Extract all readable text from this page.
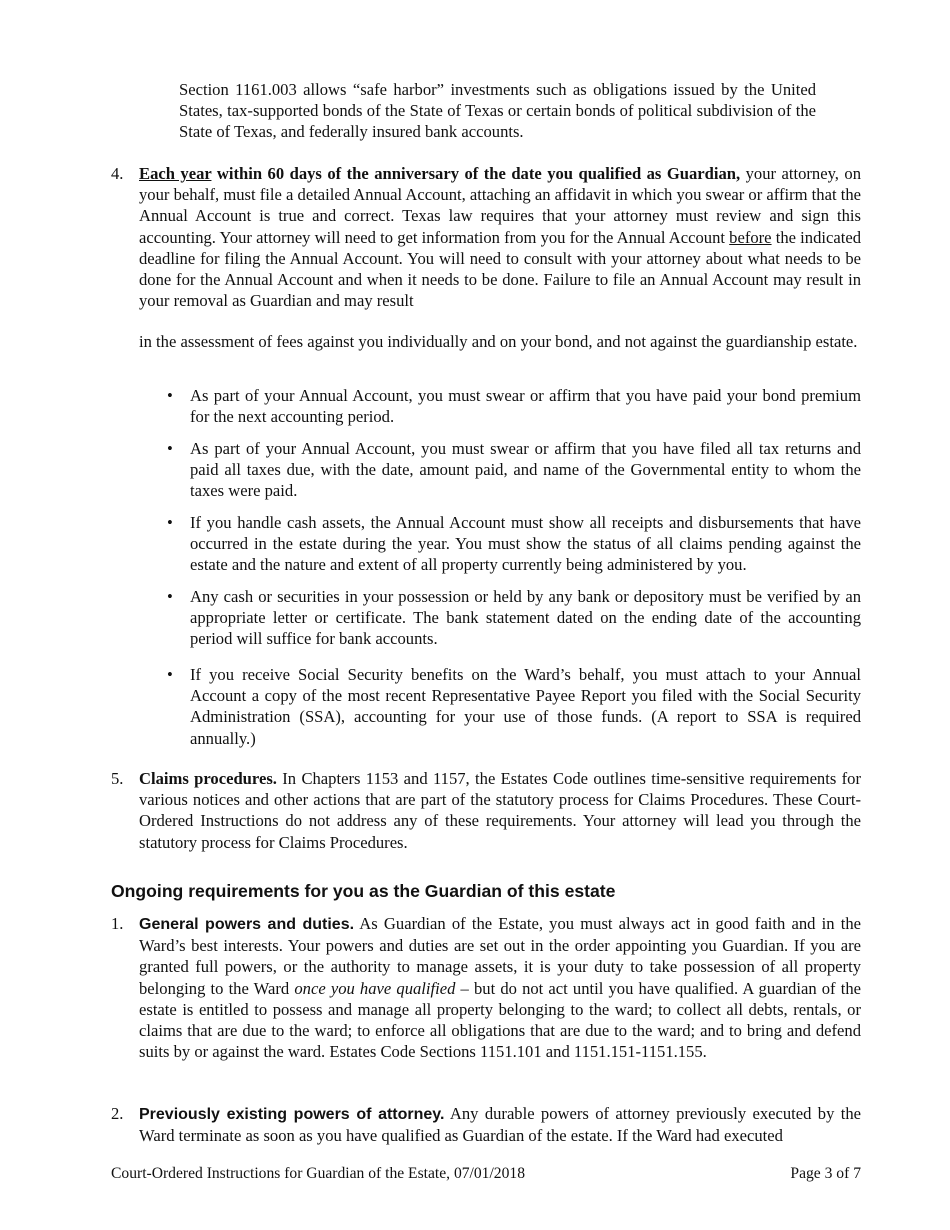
Section 1161.003 allows “safe harbor” investments such as obligations issued by the United States, tax-supported bonds of the State of Texas or certain bonds of political subdivision of the State of Texas, and federally insured bank accounts.

4. Each year within 60 days of the anniversary of the date you qualified as Guardian, your attorney, on your behalf, must file a detailed Annual Account, attaching an affidavit in which you swear or affirm that the Annual Account is true and correct. Texas law requires that your attorney must review and sign this accounting. Your attorney will need to get information from you for the Annual Account before the indicated deadline for filing the Annual Account. You will need to consult with your attorney about what needs to be done for the Annual Account and when it needs to be done. Failure to file an Annual Account may result in your removal as Guardian and may result

in the assessment of fees against you individually and on your bond, and not against the guardianship estate.

• As part of your Annual Account, you must swear or affirm that you have paid your bond premium for the next accounting period.

• As part of your Annual Account, you must swear or affirm that you have filed all tax returns and paid all taxes due, with the date, amount paid, and name of the Governmental entity to whom the taxes were paid.

• If you handle cash assets, the Annual Account must show all receipts and disbursements that have occurred in the estate during the year. You must show the status of all claims pending against the estate and the nature and extent of all property currently being administered by you.

• Any cash or securities in your possession or held by any bank or depository must be verified by an appropriate letter or certificate. The bank statement dated on the ending date of the accounting period will suffice for bank accounts.

• If you receive Social Security benefits on the Ward’s behalf, you must attach to your Annual Account a copy of the most recent Representative Payee Report you filed with the Social Security Administration (SSA), accounting for your use of those funds. (A report to SSA is required annually.)

5. Claims procedures. In Chapters 1153 and 1157, the Estates Code outlines time-sensitive requirements for various notices and other actions that are part of the statutory process for Claims Procedures. These Court-Ordered Instructions do not address any of these requirements. Your attorney will lead you through the statutory process for Claims Procedures.

Ongoing requirements for you as the Guardian of this estate
1. General powers and duties. As Guardian of the Estate, you must always act in good faith and in the Ward’s best interests. Your powers and duties are set out in the order appointing you Guardian. If you are granted full powers, or the authority to manage assets, it is your duty to take possession of all property belonging to the Ward once you have qualified – but do not act until you have qualified. A guardian of the estate is entitled to possess and manage all property belonging to the ward; to collect all debts, rentals, or claims that are due to the ward; to enforce all obligations that are due to the ward; and to bring and defend suits by or against the ward. Estates Code Sections 1151.101 and 1151.151-1151.155.

2. Previously existing powers of attorney. Any durable powers of attorney previously executed by the Ward terminate as soon as you have qualified as Guardian of the estate. If the Ward had executed

Court-Ordered Instructions for Guardian of the Estate, 07/01/2018	Page 3 of 7
